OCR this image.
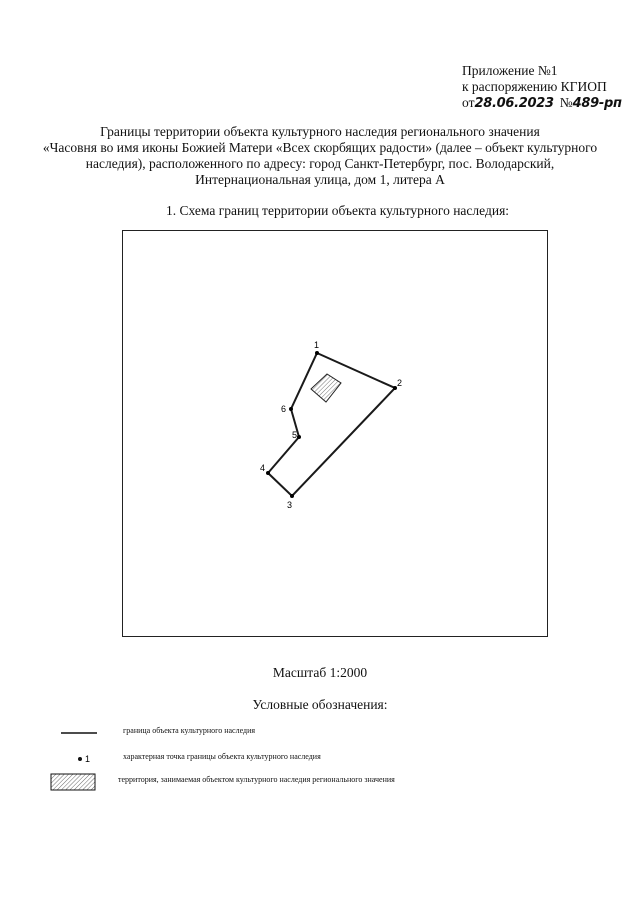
Приложение №1
к распоряжению КГИОП
от28.06.2023 №489-рп
Границы территории объекта культурного наследия регионального значения
«Часовня во имя иконы Божией Матери «Всех скорбящих радости» (далее – объект культурного
наследия), расположенного по адресу: город Санкт-Петербург, пос. Володарский,
Интернациональная улица, дом 1, литера А
1. Схема границ территории объекта культурного наследия:
1
2
3
4
5
6
Масштаб 1:2000
Условные обозначения:
граница объекта культурного наследия
1	характерная точка границы объекта культурного наследия
территория, занимаемая объектом культурного наследия регионального значения
